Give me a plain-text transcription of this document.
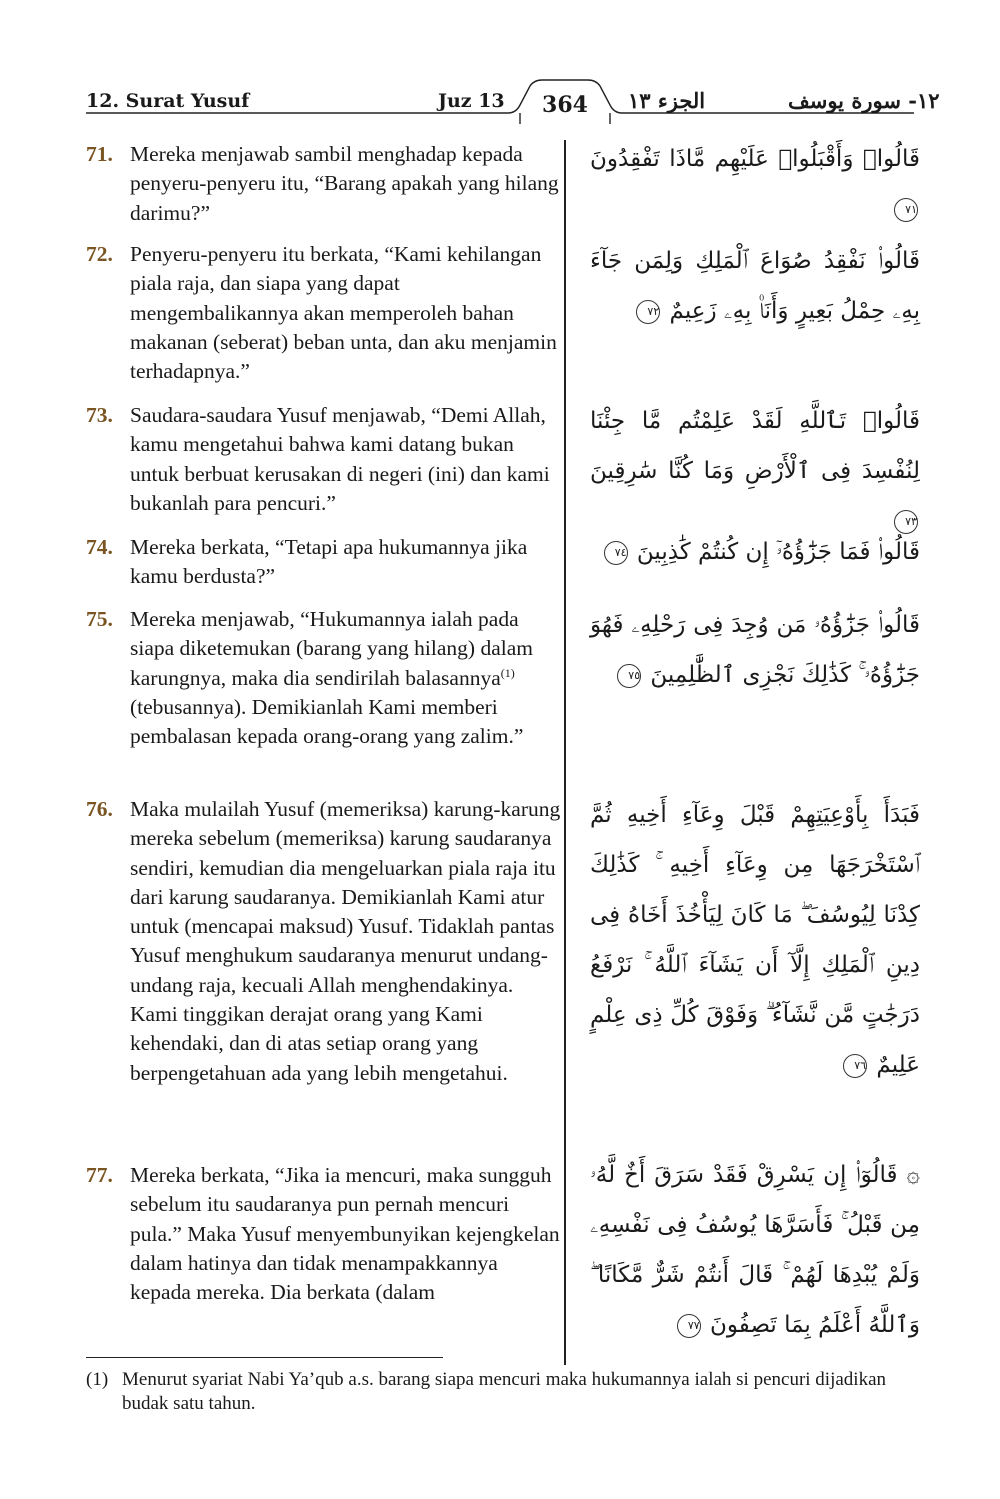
12. Surat Yusuf	Juz 13	364	الجزء ١٣	١٢- سورة يوسف
71. Mereka menjawab sambil menghadap kepada penyeru-penyeru itu, “Barang apakah yang hilang darimu?”
قَالُوا۟ وَأَقْبَلُوا۟ عَلَيْهِم مَّاذَا تَفْقِدُونَ ٧١
72. Penyeru-penyeru itu berkata, “Kami kehilangan piala raja, dan siapa yang dapat mengembalikannya akan memperoleh bahan makanan (seberat) beban unta, dan aku menjamin terhadapnya.”
قَالُوا۟ نَفْقِدُ صُوَاعَ ٱلْمَلِكِ وَلِمَن جَآءَ بِهِۦ حِمْلُ بَعِيرٍ وَأَنَا۠ بِهِۦ زَعِيمٌ ٧٢
73. Saudara-saudara Yusuf menjawab, “Demi Allah, kamu mengetahui bahwa kami datang bukan untuk berbuat kerusakan di negeri (ini) dan kami bukanlah para pencuri.”
قَالُوا۟ تَٱللَّهِ لَقَدْ عَلِمْتُم مَّا جِئْنَا لِنُفْسِدَ فِى ٱلْأَرْضِ وَمَا كُنَّا سَٰرِقِينَ ٧٣
74. Mereka berkata, “Tetapi apa hukumannya jika kamu berdusta?”
قَالُوا۟ فَمَا جَزَٰٓؤُهُۥٓ إِن كُنتُمْ كَٰذِبِينَ ٧٤
75. Mereka menjawab, “Hukumannya ialah pada siapa diketemukan (barang yang hilang) dalam karungnya, maka dia sendirilah balasannya$^{(1)}$ (tebusannya). Demikianlah Kami memberi pembalasan kepada orang-orang yang zalim.”
قَالُوا۟ جَزَٰٓؤُهُۥ مَن وُجِدَ فِى رَحْلِهِۦ فَهُوَ جَزَٰٓؤُهُۥ ۚ كَذَٰلِكَ نَجْزِى ٱلظَّٰلِمِينَ ٧٥
76. Maka mulailah Yusuf (memeriksa) karung-karung mereka sebelum (memeriksa) karung saudaranya sendiri, kemudian dia mengeluarkan piala raja itu dari karung saudaranya. Demikianlah Kami atur untuk (mencapai maksud) Yusuf. Tidaklah pantas Yusuf menghukum saudaranya menurut undang-undang raja, kecuali Allah menghendakinya. Kami tinggikan derajat orang yang Kami kehendaki, dan di atas setiap orang yang berpengetahuan ada yang lebih mengetahui.
فَبَدَأَ بِأَوْعِيَتِهِمْ قَبْلَ وِعَآءِ أَخِيهِ ثُمَّ ٱسْتَخْرَجَهَا مِن وِعَآءِ أَخِيهِ ۚ كَذَٰلِكَ كِدْنَا لِيُوسُفَ ۖ مَا كَانَ لِيَأْخُذَ أَخَاهُ فِى دِينِ ٱلْمَلِكِ إِلَّآ أَن يَشَآءَ ٱللَّهُ ۚ نَرْفَعُ دَرَجَٰتٍ مَّن نَّشَآءُ ۗ وَفَوْقَ كُلِّ ذِى عِلْمٍ عَلِيمٌ ٧٦
77. Mereka berkata, “Jika ia mencuri, maka sungguh sebelum itu saudaranya pun pernah mencuri pula.” Maka Yusuf menyembunyikan kejengkelan dalam hatinya dan tidak menampakkannya kepada mereka. Dia berkata (dalam
۞ قَالُوٓا۟ إِن يَسْرِقْ فَقَدْ سَرَقَ أَخٌ لَّهُۥ مِن قَبْلُ ۚ فَأَسَرَّهَا يُوسُفُ فِى نَفْسِهِۦ وَلَمْ يُبْدِهَا لَهُمْ ۚ قَالَ أَنتُمْ شَرٌّ مَّكَانًا ۖ وَٱللَّهُ أَعْلَمُ بِمَا تَصِفُونَ ٧٧
(1) Menurut syariat Nabi Ya’qub a.s. barang siapa mencuri maka hukumannya ialah si pencuri dijadikan budak satu tahun.
